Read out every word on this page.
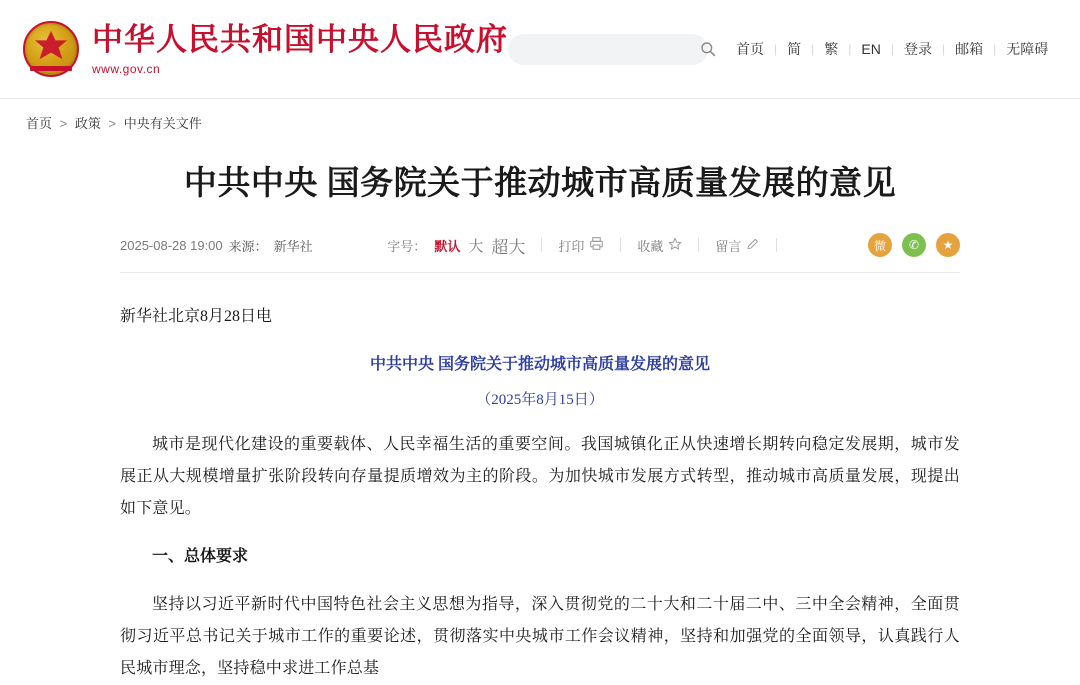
中华人民共和国中央人民政府
www.gov.cn
首页 | 简 | 繁 | EN | 登录 | 邮箱 | 无障碍
首页 > 政策 > 中央有关文件
中共中央 国务院关于推动城市高质量发展的意见
2025-08-28 19:00 来源： 新华社	字号： 默认 大 超大	打印	收藏	留言	微	✆	★
新华社北京8月28日电
中共中央 国务院关于推动城市高质量发展的意见
（2025年8月15日）

城市是现代化建设的重要载体、人民幸福生活的重要空间。我国城镇化正从快速增长期转向稳定发展期，城市发展正从大规模增量扩张阶段转向存量提质增效为主的阶段。为加快城市发展方式转型，推动城市高质量发展，现提出如下意见。

一、总体要求

坚持以习近平新时代中国特色社会主义思想为指导，深入贯彻党的二十大和二十届二中、三中全会精神，全面贯彻习近平总书记关于城市工作的重要论述，贯彻落实中央城市工作会议精神，坚持和加强党的全面领导，认真践行人民城市理念，坚持稳中求进工作总基
